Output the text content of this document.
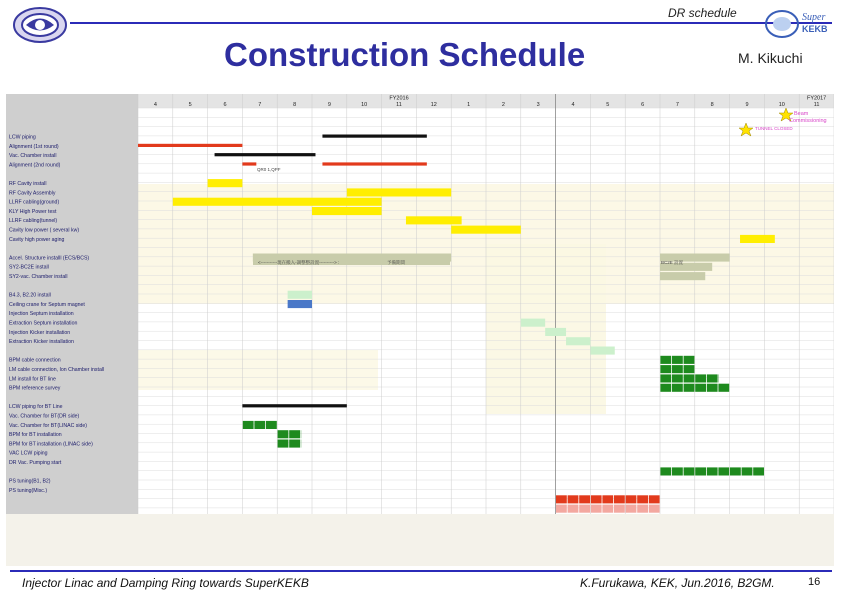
DR schedule
Construction Schedule	M. Kikuchi
Super
KEKB
4	5	6	7	8	9	10	11	12	1	2	3	4	5	6	7	8	9	10	11
FY2016	FY2017
LCW piping
Alignment (1st round)
Vac. Chamber install
Alignment (2nd round)
RF Cavity install
RF Cavity Assembly
LLRF cabling(ground)
KLY High Power test
LLRF cabling(tunnel)
Cavity low power ( several kw)
Cavity high power aging
Accel. Structure installl (ECS/BCS)
SY2-BC2E install
SY2-vac. Chamber install
B4.3, B2.20 install
Ceiling crane for Septum magnet
Injection Septum installation
Extraction Septum installation
Injection Kicker installation
Extraction Kicker installation
BPM cable connection
LM cable connection, Ion Chamber install
LM install for BT line
BPM reference survey
LCW piping for BT Line
Vac. Chamber for BT(DR side)
Vac. Chamber for BT(LINAC side)
BPM for BT installation
BPM for BT installation (LINAC side)
VAC LCW piping
DR Vac. Pumping start
PS tuning(B1, B2)
PS tuning(Misc.)
QR0 1,QPF
<-----------現在搬入-調整整設置----------> :	予備期間	BC2E 設置
Beam
Commissioning
TUNNEL CLOSED
Injector Linac and Damping Ring towards SuperKEKB	K.Furukawa, KEK, Jun.2016, B2GM.	16
